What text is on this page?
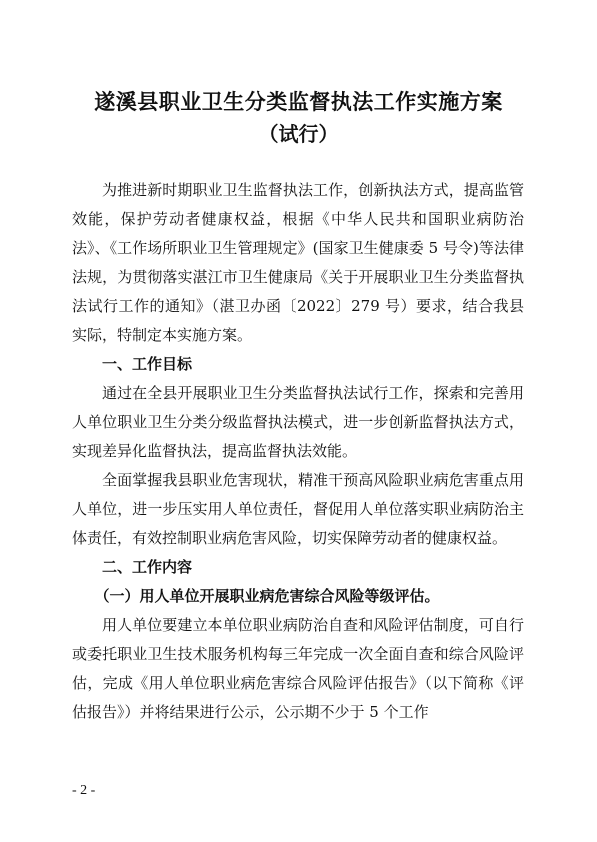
遂溪县职业卫生分类监督执法工作实施方案
（试行）

为推进新时期职业卫生监督执法工作，创新执法方式，提高监管效能，保护劳动者健康权益，根据《中华人民共和国职业病防治法》、《工作场所职业卫生管理规定》(国家卫生健康委 5 号令)等法律法规，为贯彻落实湛江市卫生健康局《关于开展职业卫生分类监督执法试行工作的通知》（湛卫办函〔2022〕279 号）要求，结合我县实际，特制定本实施方案。

一、工作目标

通过在全县开展职业卫生分类监督执法试行工作，探索和完善用人单位职业卫生分类分级监督执法模式，进一步创新监督执法方式，实现差异化监督执法，提高监督执法效能。

全面掌握我县职业危害现状，精准干预高风险职业病危害重点用人单位，进一步压实用人单位责任，督促用人单位落实职业病防治主体责任，有效控制职业病危害风险，切实保障劳动者的健康权益。

二、工作内容

（一）用人单位开展职业病危害综合风险等级评估。

用人单位要建立本单位职业病防治自查和风险评估制度，可自行或委托职业卫生技术服务机构每三年完成一次全面自查和综合风险评估，完成《用人单位职业病危害综合风险评估报告》（以下简称《评估报告》）并将结果进行公示，公示期不少于 5 个工作

- 2 -
